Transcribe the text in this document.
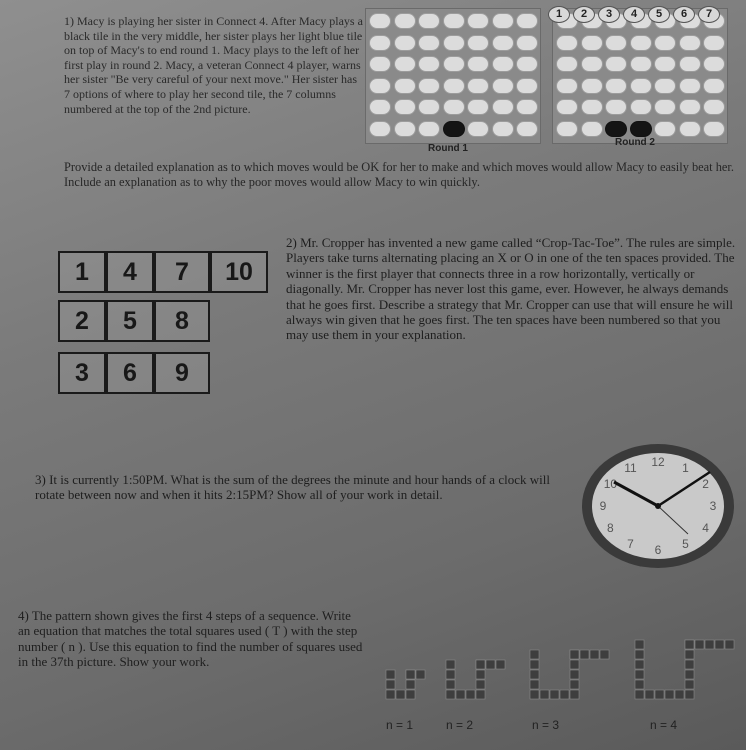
1) Macy is playing her sister in Connect 4. After Macy plays a black tile in the very middle, her sister plays her light blue tile on top of Macy's to end round 1. Macy plays to the left of her first play in round 2. Macy, a veteran Connect 4 player, warns her sister "Be very careful of your next move." Her sister has 7 options of where to play her second tile, the 7 columns numbered at the top of the 2nd picture.
1	2	3	4	5	6	7
Round 1
Round 2
Provide a detailed explanation as to which moves would be OK for her to make and which moves would allow Macy to easily beat her. Include an explanation as to why the poor moves would allow Macy to win quickly.
1	4	7	10
2	5	8
3	6	9
2) Mr. Cropper has invented a new game called “Crop-Tac-Toe”. The rules are simple. Players take turns alternating placing an X or O in one of the ten spaces provided. The winner is the first player that connects three in a row horizontally, vertically or diagonally. Mr. Cropper has never lost this game, ever. However, he always demands that he goes first. Describe a strategy that Mr. Cropper can use that will ensure he will always win given that he goes first. The ten spaces have been numbered so that you may use them in your explanation.
3) It is currently 1:50PM. What is the sum of the degrees the minute and hour hands of a clock will rotate between now and when it hits 2:15PM? Show all of your work in detail.
12 1
2
3
4
5
6
7
8
9
10
11
4) The pattern shown gives the first 4 steps of a sequence. Write an equation that matches the total squares used ( T ) with the step number ( n ). Use this equation to find the number of squares used in the 37th picture. Show your work.
n = 1	n = 2	n = 3	n = 4
